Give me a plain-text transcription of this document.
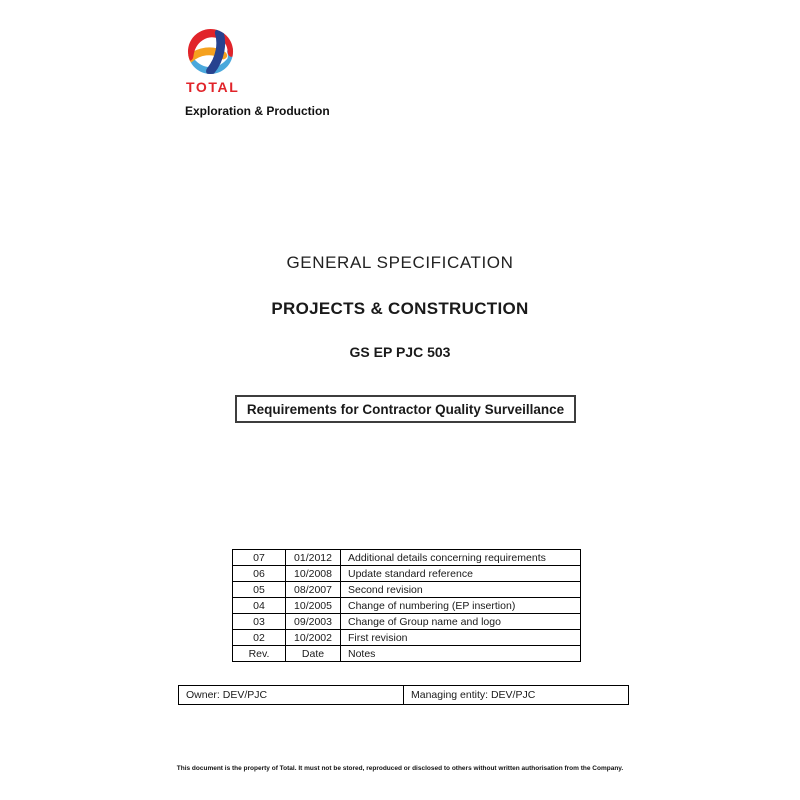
TOTAL
Exploration & Production
GENERAL SPECIFICATION
PROJECTS & CONSTRUCTION
GS EP PJC 503
Requirements for Contractor Quality Surveillance
07	01/2012	Additional details concerning requirements
06	10/2008	Update standard reference
05	08/2007	Second revision
04	10/2005	Change of numbering (EP insertion)
03	09/2003	Change of Group name and logo
02	10/2002	First revision
Rev.	Date	Notes
Owner: DEV/PJC	Managing entity: DEV/PJC
This document is the property of Total. It must not be stored, reproduced or disclosed to others without written authorisation from the Company.
